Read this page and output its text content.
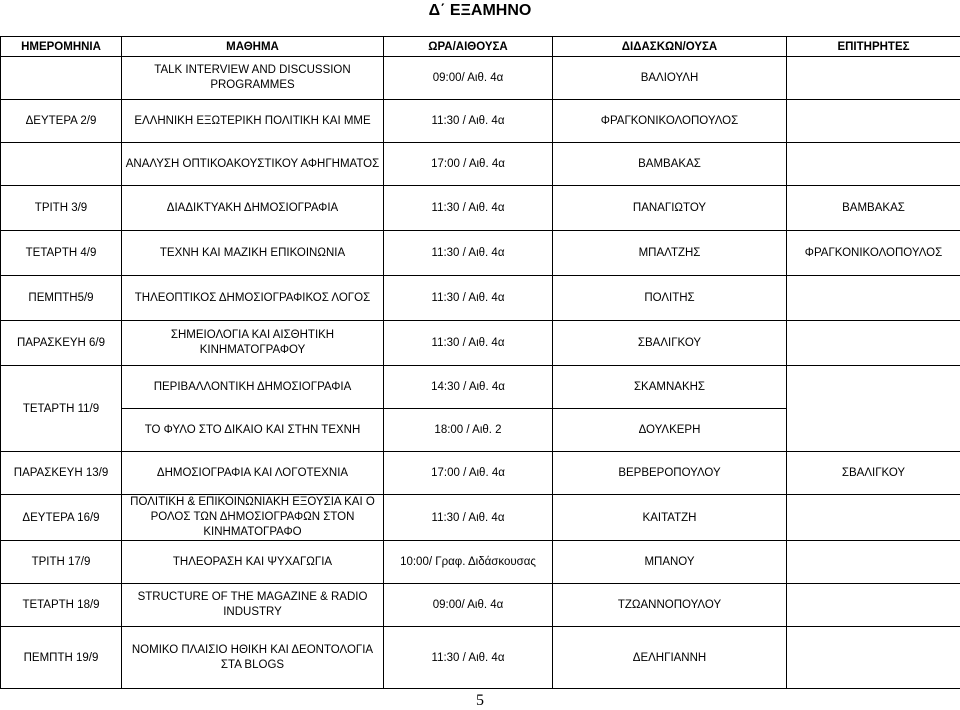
Δ΄ ΕΞΑΜΗΝΟ
ΗΜΕΡΟΜΗΝΙΑ	ΜΑΘΗΜΑ	ΩΡΑ/ΑΙΘΟΥΣΑ	ΔΙΔΑΣΚΩΝ/ΟΥΣΑ	ΕΠΙΤΗΡΗΤΕΣ
	TALK INTERVIEW AND DISCUSSION PROGRAMMES	09:00/ Αιθ. 4α	ΒΑΛΙΟΥΛΗ	
ΔΕΥΤΕΡΑ 2/9	ΕΛΛΗΝΙΚΗ ΕΞΩΤΕΡΙΚΗ ΠΟΛΙΤΙΚΗ ΚΑΙ ΜΜΕ	11:30 / Αιθ. 4α	ΦΡΑΓΚΟΝΙΚΟΛΟΠΟΥΛΟΣ	
	ΑΝΑΛΥΣΗ ΟΠΤΙΚΟΑΚΟΥΣΤΙΚΟΥ ΑΦΗΓΗΜΑΤΟΣ	17:00 / Αιθ. 4α	ΒΑΜΒΑΚΑΣ	
ΤΡΙΤΗ 3/9	ΔΙΑΔΙΚΤΥΑΚΗ ΔΗΜΟΣΙΟΓΡΑΦΙΑ	11:30 / Αιθ. 4α	ΠΑΝΑΓΙΩΤΟΥ	ΒΑΜΒΑΚΑΣ
ΤΕΤΑΡΤΗ 4/9	ΤΕΧΝΗ ΚΑΙ ΜΑΖΙΚΗ ΕΠΙΚΟΙΝΩΝΙΑ	11:30 / Αιθ. 4α	ΜΠΑΛΤΖΗΣ	ΦΡΑΓΚΟΝΙΚΟΛΟΠΟΥΛΟΣ
ΠΕΜΠΤΗ5/9	ΤΗΛΕΟΠΤΙΚΟΣ ΔΗΜΟΣΙΟΓΡΑΦΙΚΟΣ ΛΟΓΟΣ	11:30 / Αιθ. 4α	ΠΟΛΙΤΗΣ	
ΠΑΡΑΣΚΕΥΗ 6/9	ΣΗΜΕΙΟΛΟΓΙΑ ΚΑΙ ΑΙΣΘΗΤΙΚΗ ΚΙΝΗΜΑΤΟΓΡΑΦΟΥ	11:30 / Αιθ. 4α	ΣΒΑΛΙΓΚΟΥ	
ΤΕΤΑΡΤΗ 11/9	ΠΕΡΙΒΑΛΛΟΝΤΙΚΗ ΔΗΜΟΣΙΟΓΡΑΦΙΑ	14:30 / Αιθ. 4α	ΣΚΑΜΝΑΚΗΣ	
	ΤΟ ΦΥΛΟ ΣΤΟ ΔΙΚΑΙΟ ΚΑΙ ΣΤΗΝ ΤΕΧΝΗ	18:00 / Αιθ. 2	ΔΟΥΛΚΕΡΗ	
ΠΑΡΑΣΚΕΥΗ 13/9	ΔΗΜΟΣΙΟΓΡΑΦΙΑ ΚΑΙ ΛΟΓΟΤΕΧΝΙΑ	17:00 / Αιθ. 4α	ΒΕΡΒΕΡΟΠΟΥΛΟΥ	ΣΒΑΛΙΓΚΟΥ
ΔΕΥΤΕΡΑ 16/9	ΠΟΛΙΤΙΚΗ & ΕΠΙΚΟΙΝΩΝΙΑΚΗ ΕΞΟΥΣΙΑ ΚΑΙ Ο ΡΟΛΟΣ ΤΩΝ ΔΗΜΟΣΙΟΓΡΑΦΩΝ ΣΤΟΝ ΚΙΝΗΜΑΤΟΓΡΑΦΟ	11:30 / Αιθ. 4α	ΚΑΙΤΑΤΖΗ	
ΤΡΙΤΗ 17/9	ΤΗΛΕΟΡΑΣΗ ΚΑΙ ΨΥΧΑΓΩΓΙΑ	10:00/ Γραφ. Διδάσκουσας	ΜΠΑΝΟΥ	
ΤΕΤΑΡΤΗ 18/9	STRUCTURE OF THE MAGAZINE & RADIO INDUSTRY	09:00/ Αιθ. 4α	ΤΖΩΑΝΝΟΠΟΥΛΟΥ	
ΠΕΜΠΤΗ 19/9	ΝΟΜΙΚΟ ΠΛΑΙΣΙΟ ΗΘΙΚΗ ΚΑΙ ΔΕΟΝΤΟΛΟΓΙΑ ΣΤΑ BLOGS	11:30 / Αιθ. 4α	ΔΕΛΗΓΙΑΝΝΗ	
5
